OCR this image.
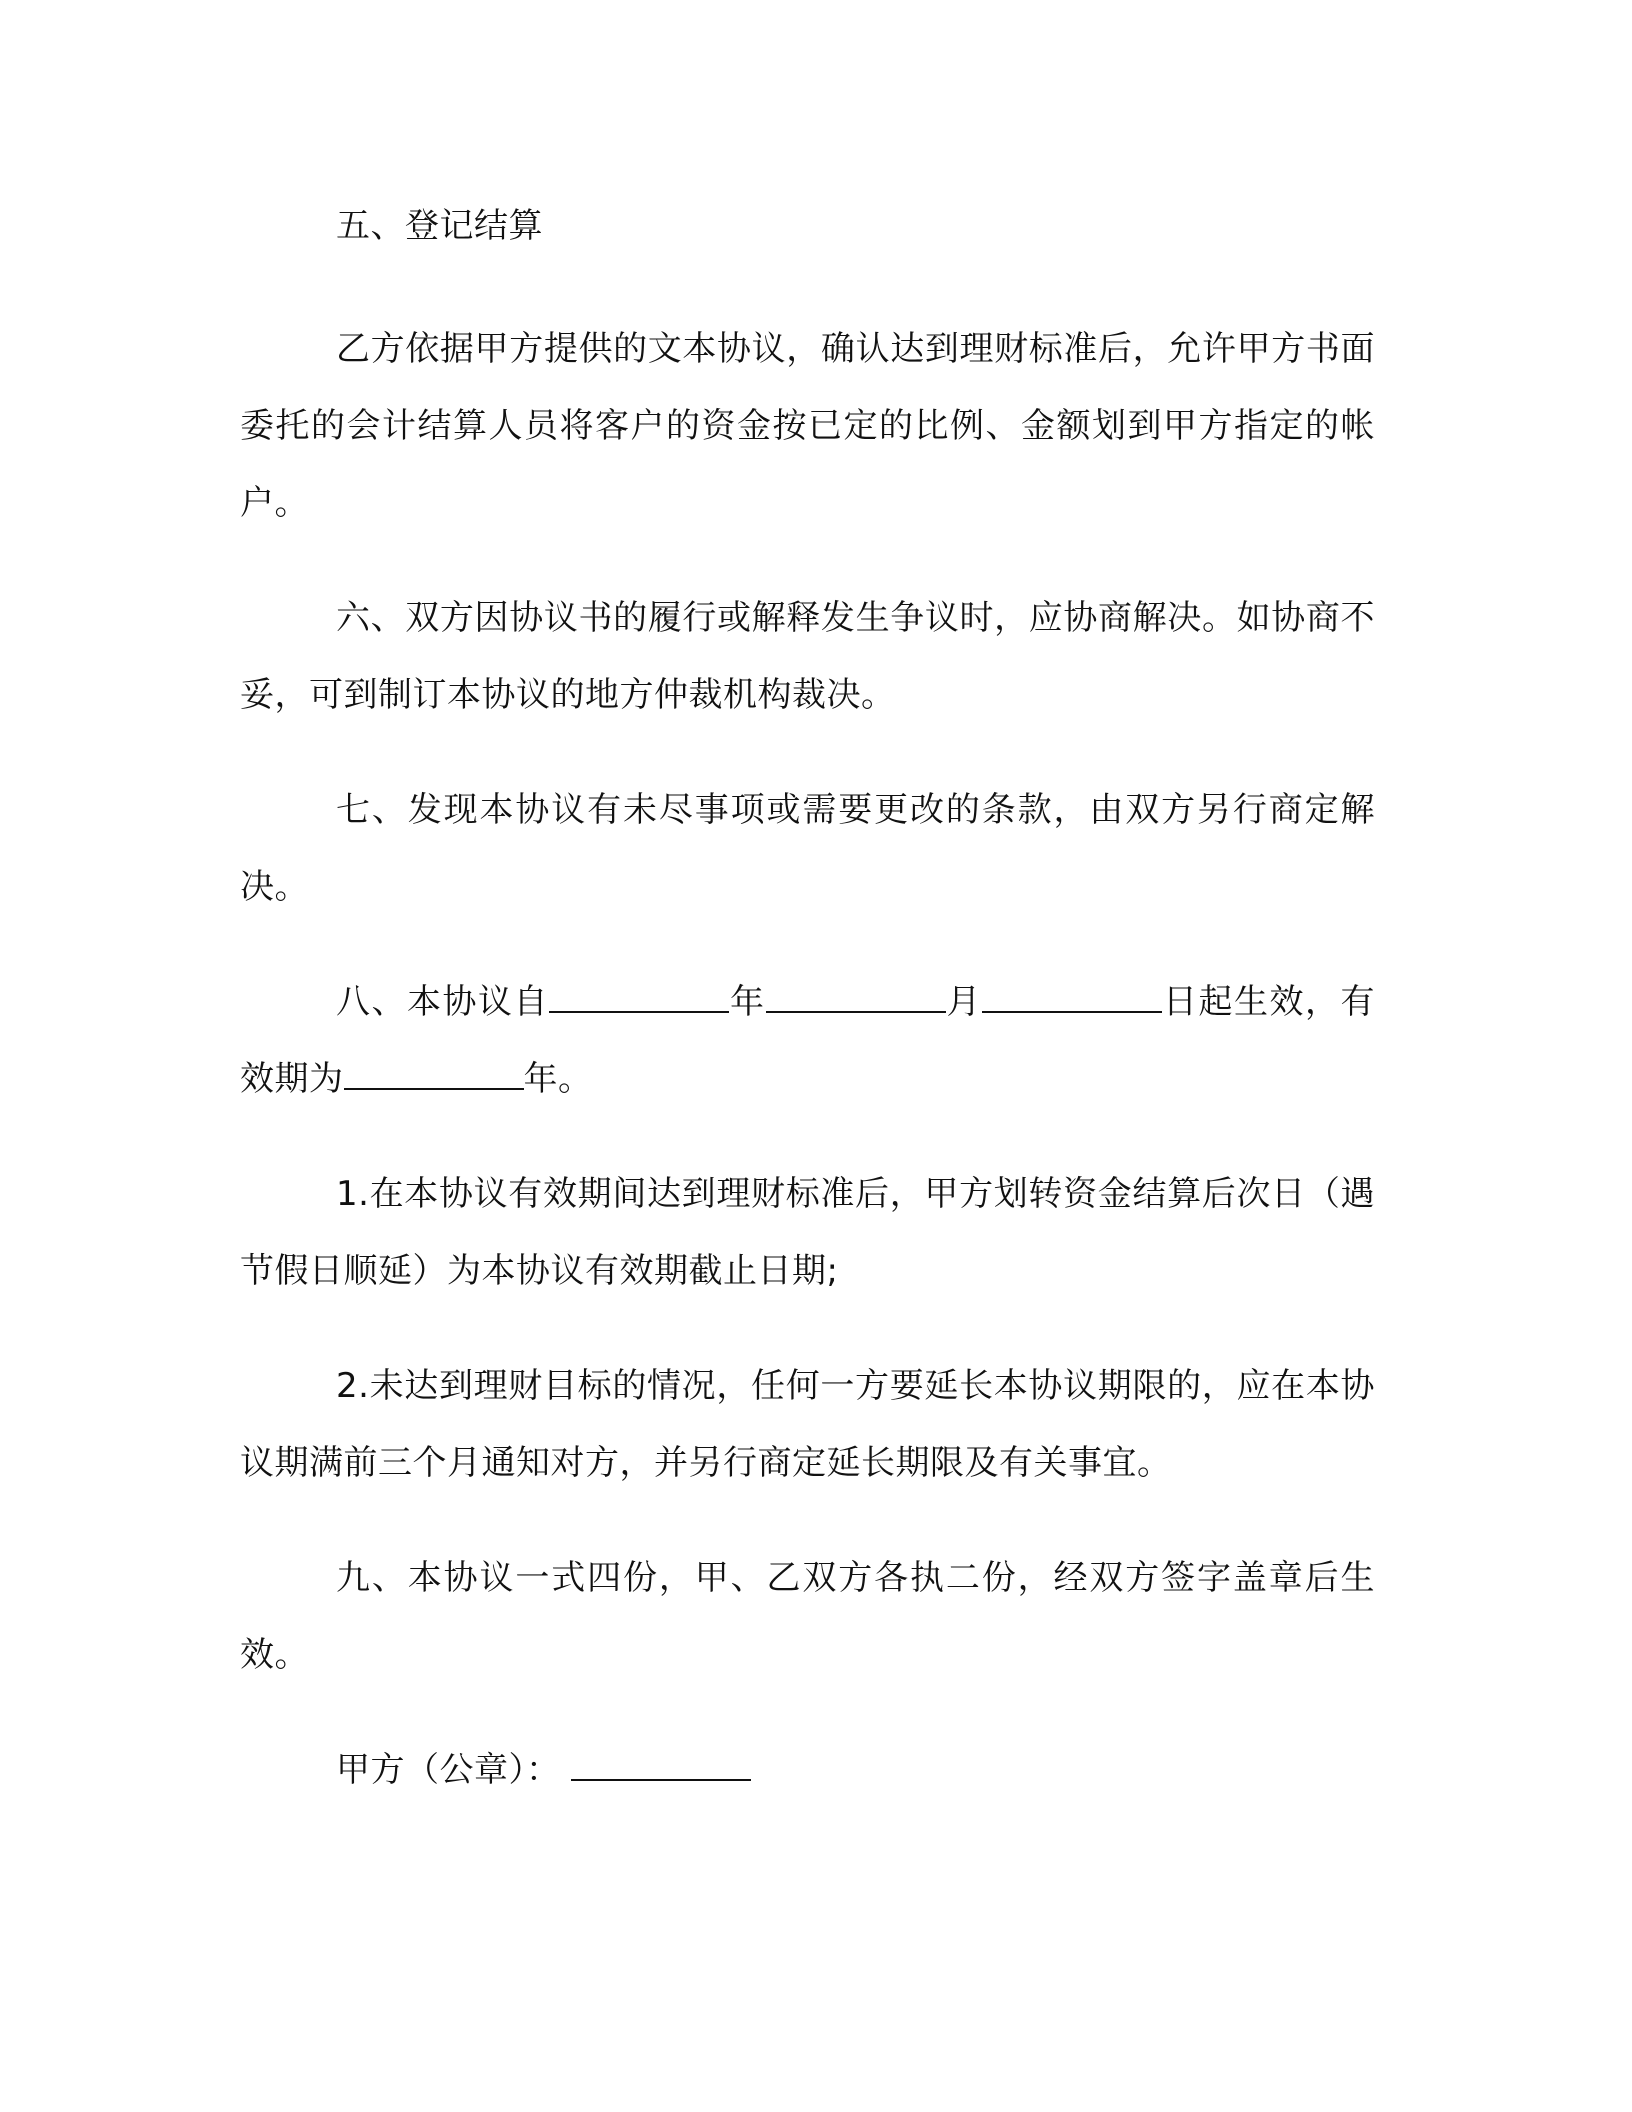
五、登记结算

乙方依据甲方提供的文本协议，确认达到理财标准后，允许甲方书面委托的会计结算人员将客户的资金按已定的比例、金额划到甲方指定的帐户。

六、双方因协议书的履行或解释发生争议时，应协商解决。如协商不妥，可到制订本协议的地方仲裁机构裁决。

七、发现本协议有未尽事项或需要更改的条款，由双方另行商定解决。

八、本协议自	年	月	日起生效，有效期为	年。

1.在本协议有效期间达到理财标准后，甲方划转资金结算后次日（遇节假日顺延）为本协议有效期截止日期;

2.未达到理财目标的情况，任何一方要延长本协议期限的，应在本协议期满前三个月通知对方，并另行商定延长期限及有关事宜。

九、本协议一式四份，甲、乙双方各执二份，经双方签字盖章后生效。

甲方（公章）：
